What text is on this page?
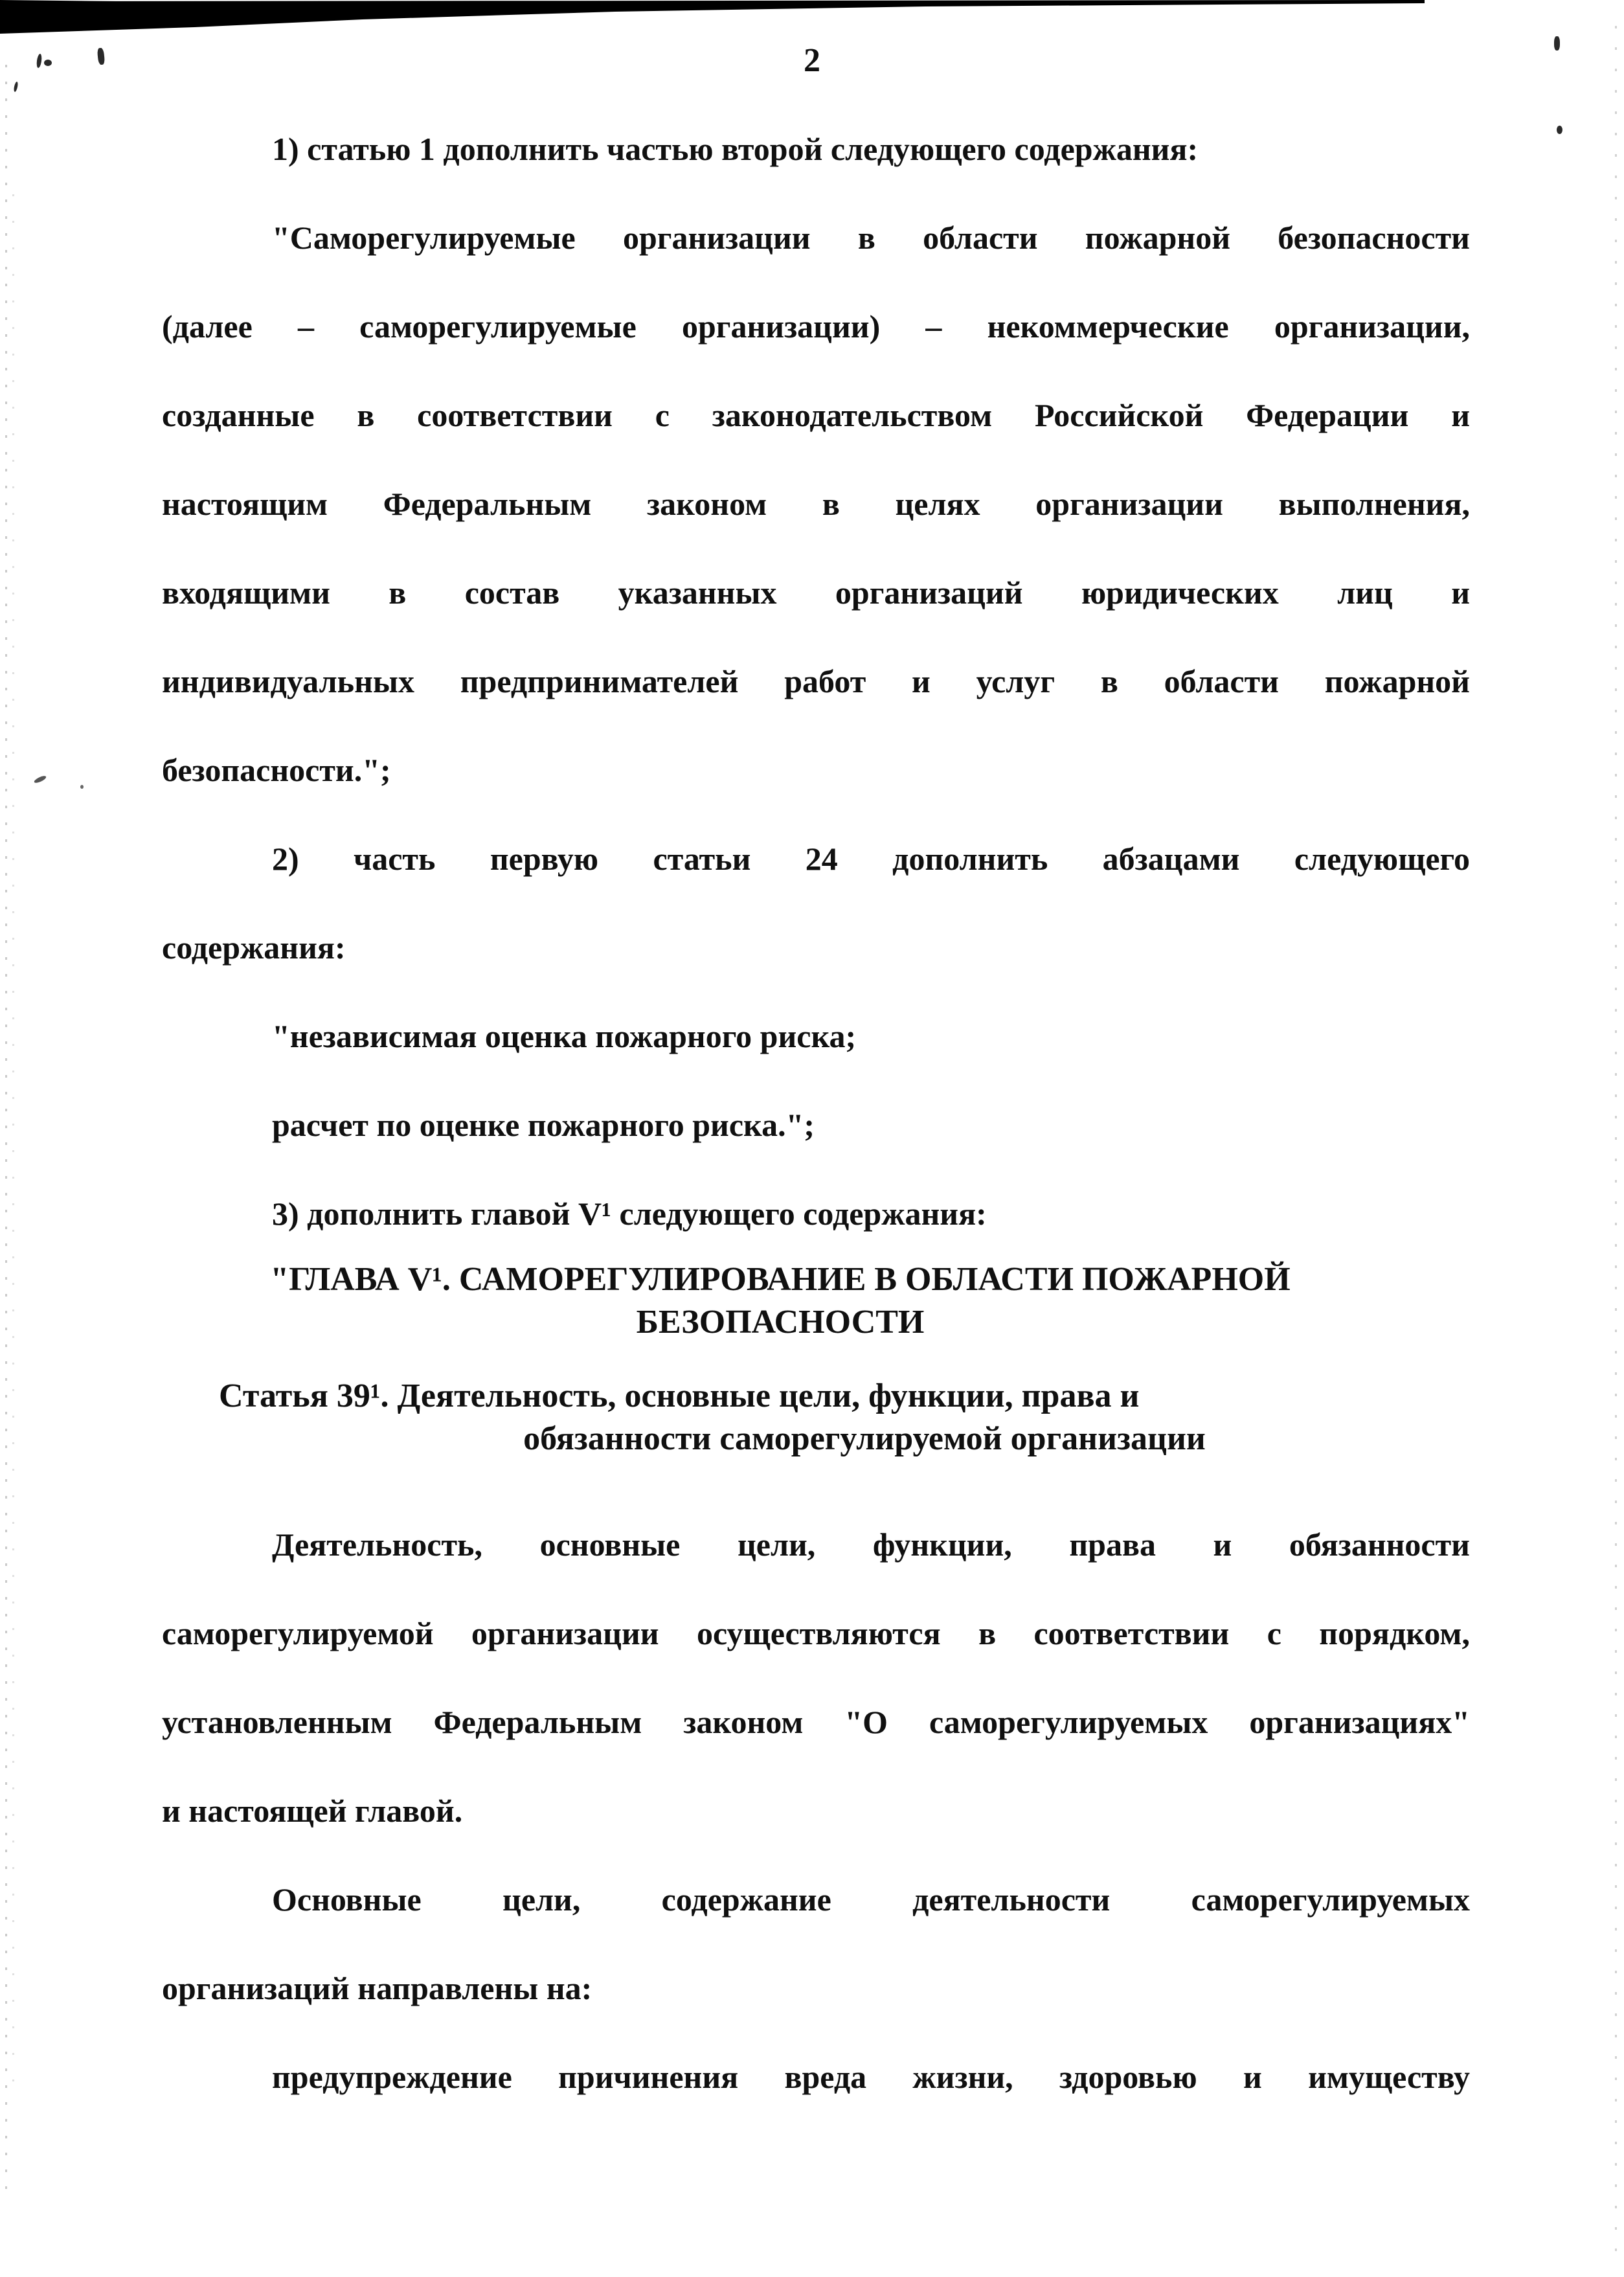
2
1) статью 1 дополнить частью второй следующего содержания:
"Саморегулируемые организации в области пожарной безопасности
(далее – саморегулируемые организации) – некоммерческие организации,
созданные в соответствии с законодательством Российской Федерации и
настоящим Федеральным законом в целях организации выполнения,
входящими в состав указанных организаций юридических лиц и
индивидуальных предпринимателей работ и услуг в области пожарной
безопасности.";
2) часть первую статьи 24 дополнить абзацами следующего
содержания:
"независимая оценка пожарного риска;
расчет по оценке пожарного риска.";
3) дополнить главой V¹ следующего содержания:
"ГЛАВА V¹. САМОРЕГУЛИРОВАНИЕ В ОБЛАСТИ ПОЖАРНОЙ
БЕЗОПАСНОСТИ
Статья 39¹. Деятельность, основные цели, функции, права и
обязанности саморегулируемой организации
Деятельность, основные цели, функции, права и обязанности
саморегулируемой организации осуществляются в соответствии с порядком,
установленным Федеральным законом "О саморегулируемых организациях"
и настоящей главой.
Основные цели, содержание деятельности саморегулируемых
организаций направлены на:
предупреждение причинения вреда жизни, здоровью и имуществу
